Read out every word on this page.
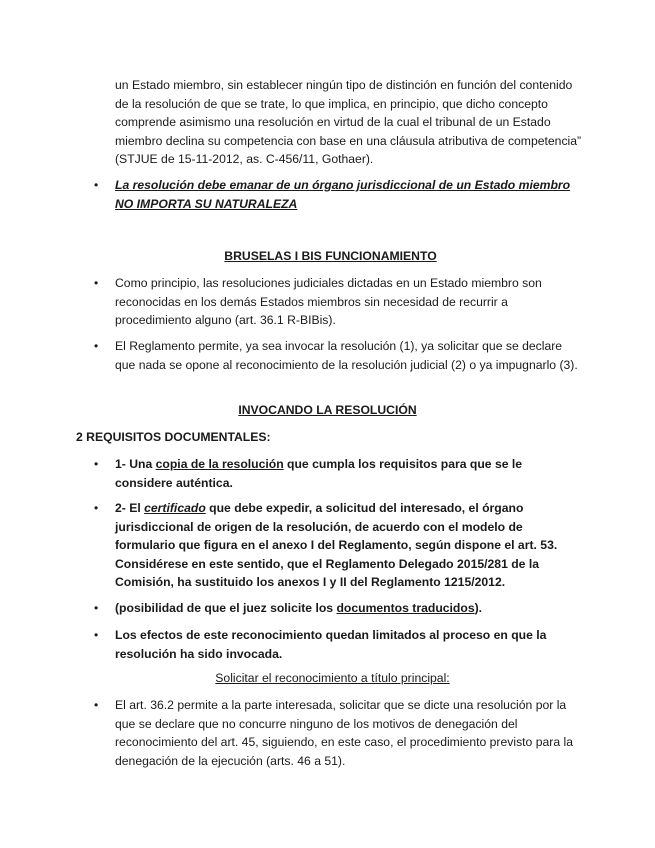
un Estado miembro, sin establecer ningún tipo de distinción en función del contenido de la resolución de que se trate, lo que implica, en principio, que dicho concepto comprende asimismo una resolución en virtud de la cual el tribunal de un Estado miembro declina su competencia con base en una cláusula atributiva de competencia” (STJUE de 15-11-2012, as. C-456/11, Gothaer).

•	La resolución debe emanar de un órgano jurisdiccional de un Estado miembro NO IMPORTA SU NATURALEZA

BRUSELAS I BIS FUNCIONAMIENTO

•	Como principio, las resoluciones judiciales dictadas en un Estado miembro son reconocidas en los demás Estados miembros sin necesidad de recurrir a procedimiento alguno (art. 36.1 R-BIBis).

•	El Reglamento permite, ya sea invocar la resolución (1), ya solicitar que se declare que nada se opone al reconocimiento de la resolución judicial (2) o ya impugnarlo (3).

INVOCANDO LA RESOLUCIÓN

2 REQUISITOS DOCUMENTALES:

•	1- Una copia de la resolución que cumpla los requisitos para que se le considere auténtica.

•	2- El certificado que debe expedir, a solicitud del interesado, el órgano jurisdiccional de origen de la resolución, de acuerdo con el modelo de formulario que figura en el anexo I del Reglamento, según dispone el art. 53. Considérese en este sentido, que el Reglamento Delegado 2015/281 de la Comisión, ha sustituido los anexos I y II del Reglamento 1215/2012.

•	(posibilidad de que el juez solicite los documentos traducidos).

•	Los efectos de este reconocimiento quedan limitados al proceso en que la resolución ha sido invocada.

Solicitar el reconocimiento a título principal:

•	El art. 36.2 permite a la parte interesada, solicitar que se dicte una resolución por la que se declare que no concurre ninguno de los motivos de denegación del reconocimiento del art. 45, siguiendo, en este caso, el procedimiento previsto para la denegación de la ejecución (arts. 46 a 51).
